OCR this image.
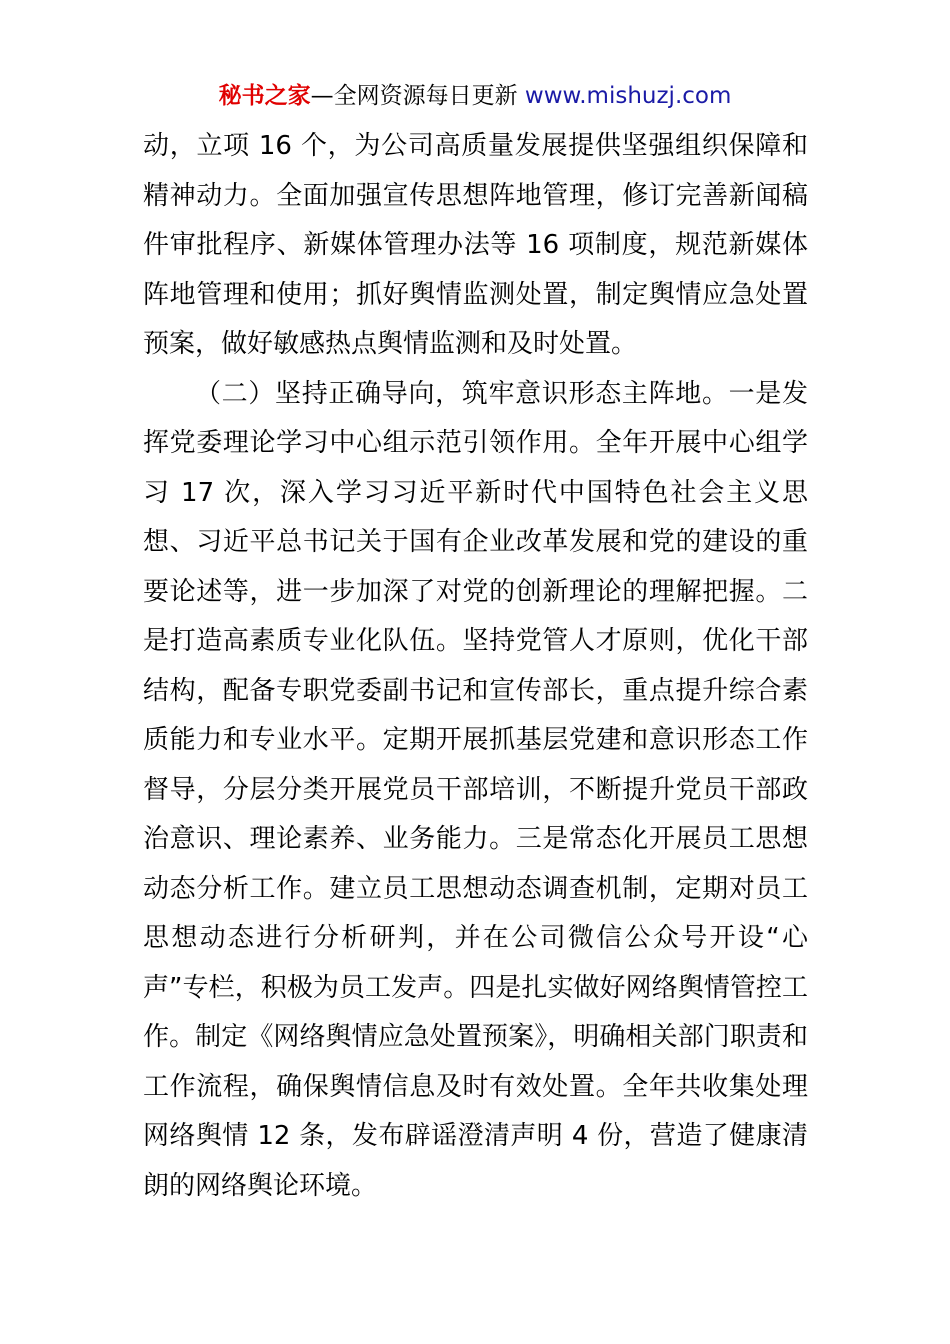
秘书之家—全网资源每日更新 www.mishuzj.com

动，立项 16 个，为公司高质量发展提供坚强组织保障和精神动力。全面加强宣传思想阵地管理，修订完善新闻稿件审批程序、新媒体管理办法等 16 项制度，规范新媒体阵地管理和使用；抓好舆情监测处置，制定舆情应急处置预案，做好敏感热点舆情监测和及时处置。

（二）坚持正确导向，筑牢意识形态主阵地。一是发挥党委理论学习中心组示范引领作用。全年开展中心组学习 17 次，深入学习习近平新时代中国特色社会主义思想、习近平总书记关于国有企业改革发展和党的建设的重要论述等，进一步加深了对党的创新理论的理解把握。二是打造高素质专业化队伍。坚持党管人才原则，优化干部结构，配备专职党委副书记和宣传部长，重点提升综合素质能力和专业水平。定期开展抓基层党建和意识形态工作督导，分层分类开展党员干部培训，不断提升党员干部政治意识、理论素养、业务能力。三是常态化开展员工思想动态分析工作。建立员工思想动态调查机制，定期对员工思想动态进行分析研判，并在公司微信公众号开设“心声”专栏，积极为员工发声。四是扎实做好网络舆情管控工作。制定《网络舆情应急处置预案》，明确相关部门职责和工作流程，确保舆情信息及时有效处置。全年共收集处理网络舆情 12 条，发布辟谣澄清声明 4 份，营造了健康清朗的网络舆论环境。
